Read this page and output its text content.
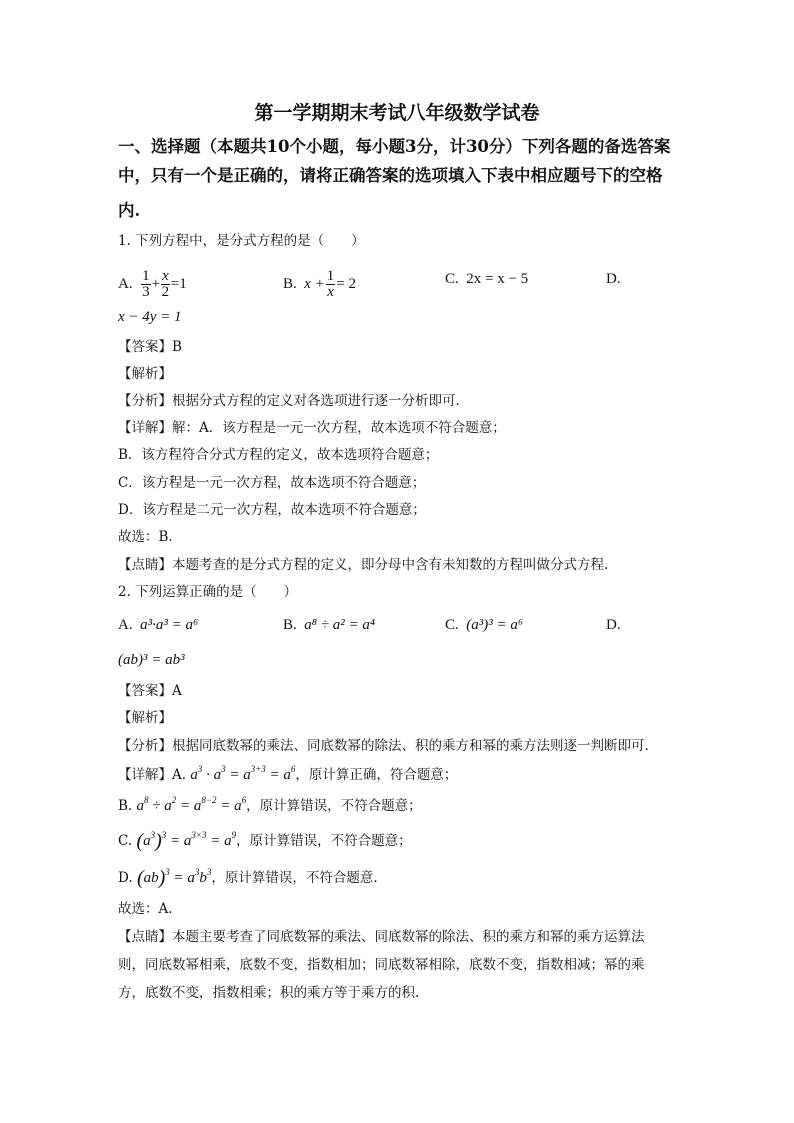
第一学期期末考试八年级数学试卷
一、选择题（本题共10个小题，每小题3分，计30分）下列各题的备选答案
中，只有一个是正确的，请将正确答案的选项填入下表中相应题号下的空格
内.
1. 下列方程中，是分式方程的是（　　）
A. $\frac{1}{3} + \frac{x}{2} =1$	B. $x + \frac{1}{x} = 2$	C. 2x = x − 5	D.
x − 4y = 1
【答案】B
【解析】
【分析】根据分式方程的定义对各选项进行逐一分析即可.
【详解】解：A．该方程是一元一次方程，故本选项不符合题意；
B．该方程符合分式方程的定义，故本选项符合题意；
C．该方程是一元一次方程，故本选项不符合题意；
D．该方程是二元一次方程，故本选项不符合题意；
故选：B.
【点睛】本题考查的是分式方程的定义，即分母中含有未知数的方程叫做分式方程.
2. 下列运算正确的是（　　）
A. a³·a³ = a⁶	B. a⁸ ÷ a² = a⁴	C. (a³)³ = a⁶	D.
(ab)³ = ab³
【答案】A
【解析】
【分析】根据同底数幂的乘法、同底数幂的除法、积的乘方和幂的乘方法则逐一判断即可.
【详解】A. $a^3 \cdot a^3 = a^{3+3} = a^6$，原计算正确，符合题意；
B. $a^8 \div a^2 = a^{8-2} = a^6$，原计算错误，不符合题意；
C. $(a^3)^3 = a^{3\times 3} = a^9$，原计算错误，不符合题意；
D. $(ab)^3 = a^3b^3$，原计算错误，不符合题意.
故选：A.
【点睛】本题主要考查了同底数幂的乘法、同底数幂的除法、积的乘方和幂的乘方运算法
则，同底数幂相乘，底数不变，指数相加；同底数幂相除，底数不变，指数相减；幂的乘
方，底数不变，指数相乘；积的乘方等于乘方的积.
